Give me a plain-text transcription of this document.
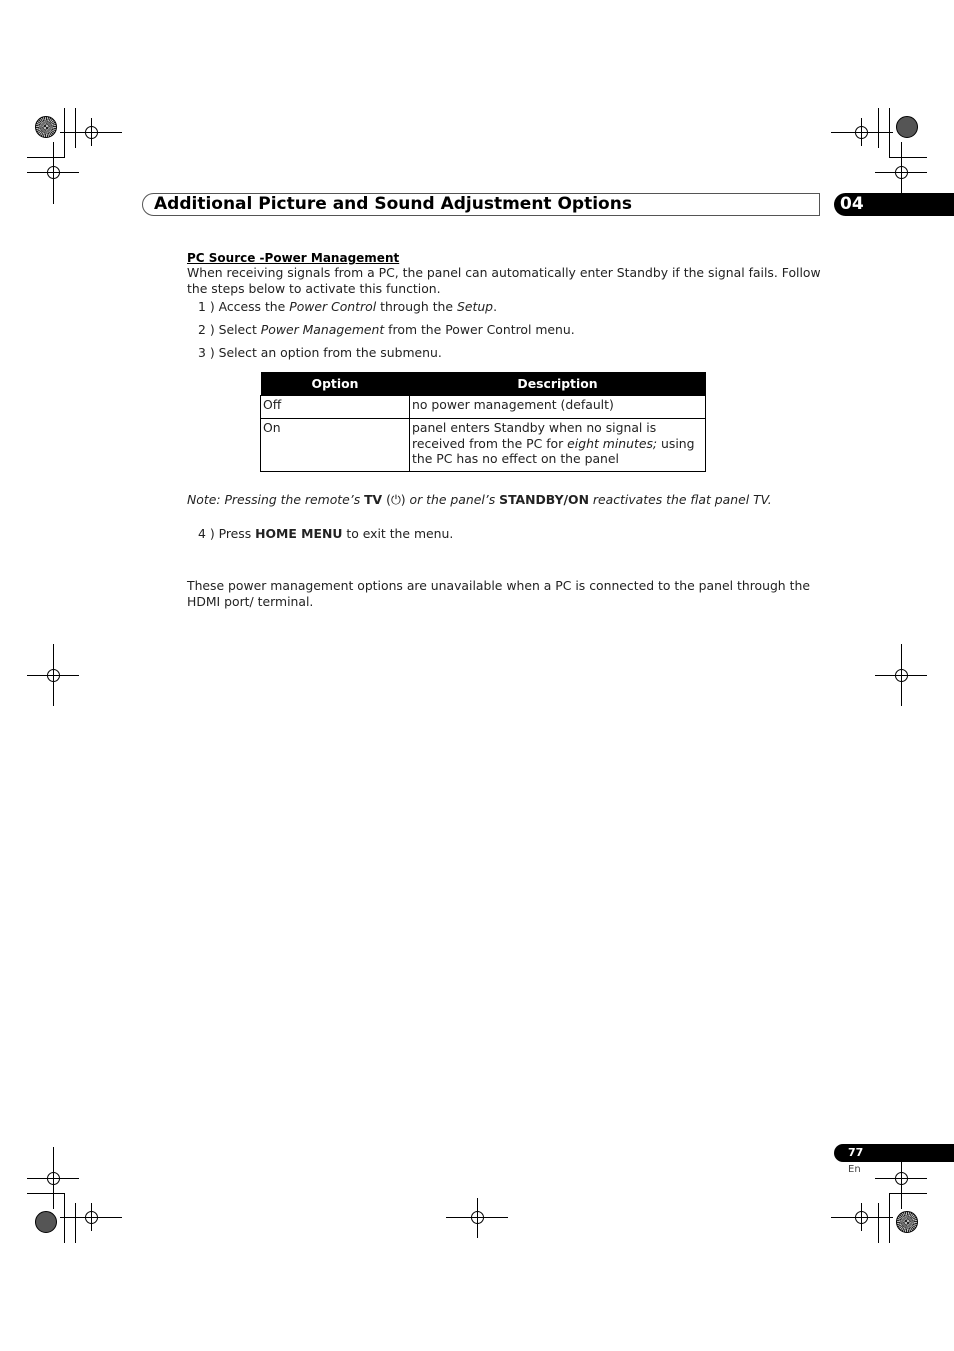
Additional Picture and Sound Adjustment Options	04
PC Source -Power Management
When receiving signals from a PC, the panel can automatically enter Standby if the signal fails. Follow the steps below to activate this function.
1 ) Access the Power Control through the Setup.
2 ) Select Power Management from the Power Control menu.
3 ) Select an option from the submenu.
Option	Description
Off	no power management (default)
On	panel enters Standby when no signal is received from the PC for eight minutes; using the PC has no effect on the panel
Note: Pressing the remote’s TV (⏻) or the panel’s STANDBY/ON reactivates the flat panel TV.
4 ) Press HOME MENU to exit the menu.
These power management options are unavailable when a PC is connected to the panel through the HDMI port/ terminal.
77
En
